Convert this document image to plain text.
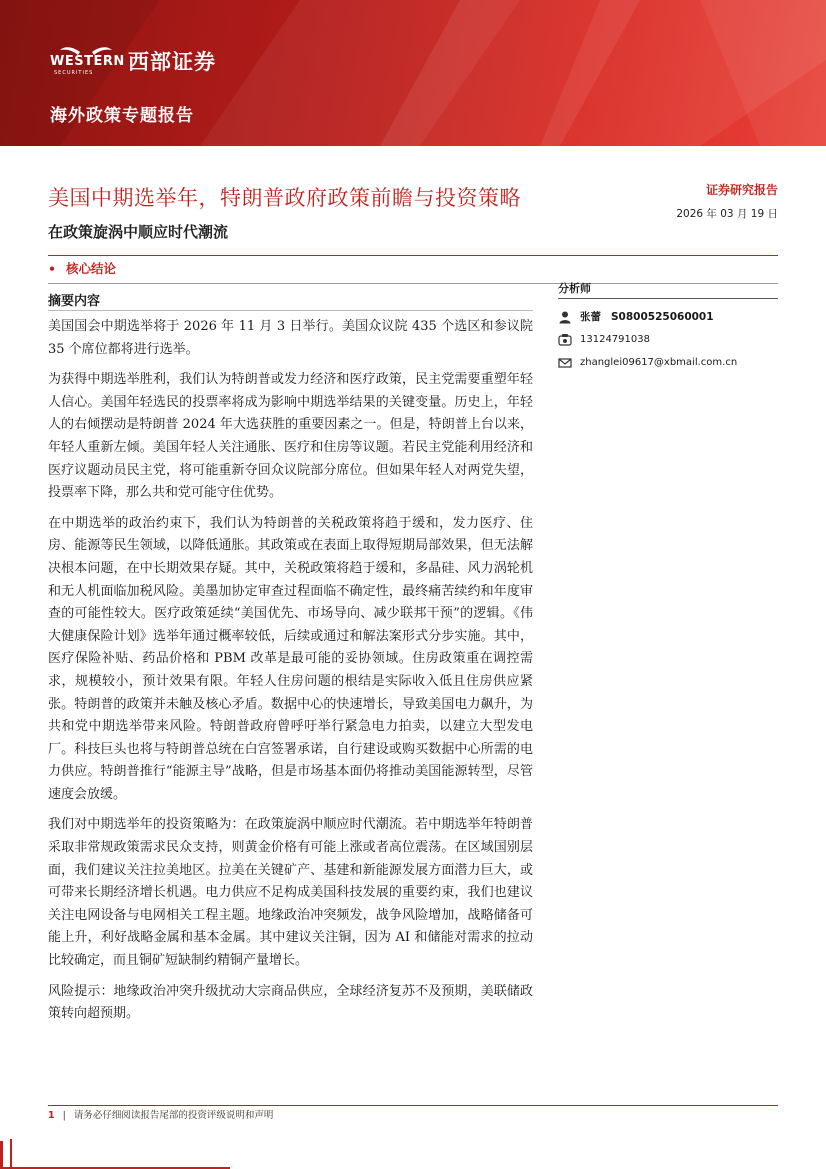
WESTERN
SECURITIES 西部证券
海外政策专题报告
美国中期选举年，特朗普政府政策前瞻与投资策略
在政策旋涡中顺应时代潮流
证券研究报告
2026 年 03 月 19 日
• 核心结论
摘要内容

美国国会中期选举将于 2026 年 11 月 3 日举行。美国众议院 435 个选区和参议院 35 个席位都将进行选举。

为获得中期选举胜利，我们认为特朗普或发力经济和医疗政策，民主党需要重塑年轻人信心。美国年轻选民的投票率将成为影响中期选举结果的关键变量。历史上，年轻人的右倾摆动是特朗普 2024 年大选获胜的重要因素之一。但是，特朗普上台以来，年轻人重新左倾。美国年轻人关注通胀、医疗和住房等议题。若民主党能利用经济和医疗议题动员民主党，将可能重新夺回众议院部分席位。但如果年轻人对两党失望，投票率下降，那么共和党可能守住优势。

在中期选举的政治约束下，我们认为特朗普的关税政策将趋于缓和，发力医疗、住房、能源等民生领域，以降低通胀。其政策或在表面上取得短期局部效果，但无法解决根本问题，在中长期效果存疑。其中，关税政策将趋于缓和，多晶硅、风力涡轮机和无人机面临加税风险。美墨加协定审查过程面临不确定性，最终痛苦续约和年度审查的可能性较大。医疗政策延续“美国优先、市场导向、减少联邦干预”的逻辑。《伟大健康保险计划》选举年通过概率较低，后续或通过和解法案形式分步实施。其中，医疗保险补贴、药品价格和 PBM 改革是最可能的妥协领域。住房政策重在调控需求，规模较小，预计效果有限。年轻人住房问题的根结是实际收入低且住房供应紧张。特朗普的政策并未触及核心矛盾。数据中心的快速增长，导致美国电力飙升，为共和党中期选举带来风险。特朗普政府曾呼吁举行紧急电力拍卖，以建立大型发电厂。科技巨头也将与特朗普总统在白宫签署承诺，自行建设或购买数据中心所需的电力供应。特朗普推行“能源主导”战略，但是市场基本面仍将推动美国能源转型，尽管速度会放缓。

我们对中期选举年的投资策略为：在政策旋涡中顺应时代潮流。若中期选举年特朗普采取非常规政策需求民众支持，则黄金价格有可能上涨或者高位震荡。在区域国别层面，我们建议关注拉美地区。拉美在关键矿产、基建和新能源发展方面潜力巨大，或可带来长期经济增长机遇。电力供应不足构成美国科技发展的重要约束，我们也建议关注电网设备与电网相关工程主题。地缘政治冲突频发，战争风险增加，战略储备可能上升，利好战略金属和基本金属。其中建议关注铜，因为 AI 和储能对需求的拉动比较确定，而且铜矿短缺制约精铜产量增长。

风险提示：地缘政治冲突升级扰动大宗商品供应，全球经济复苏不及预期，美联储政策转向超预期。

分析师
张蕾 S0800525060001
13124791038
zhanglei09617@xbmail.com.cn
1 | 请务必仔细阅读报告尾部的投资评级说明和声明
